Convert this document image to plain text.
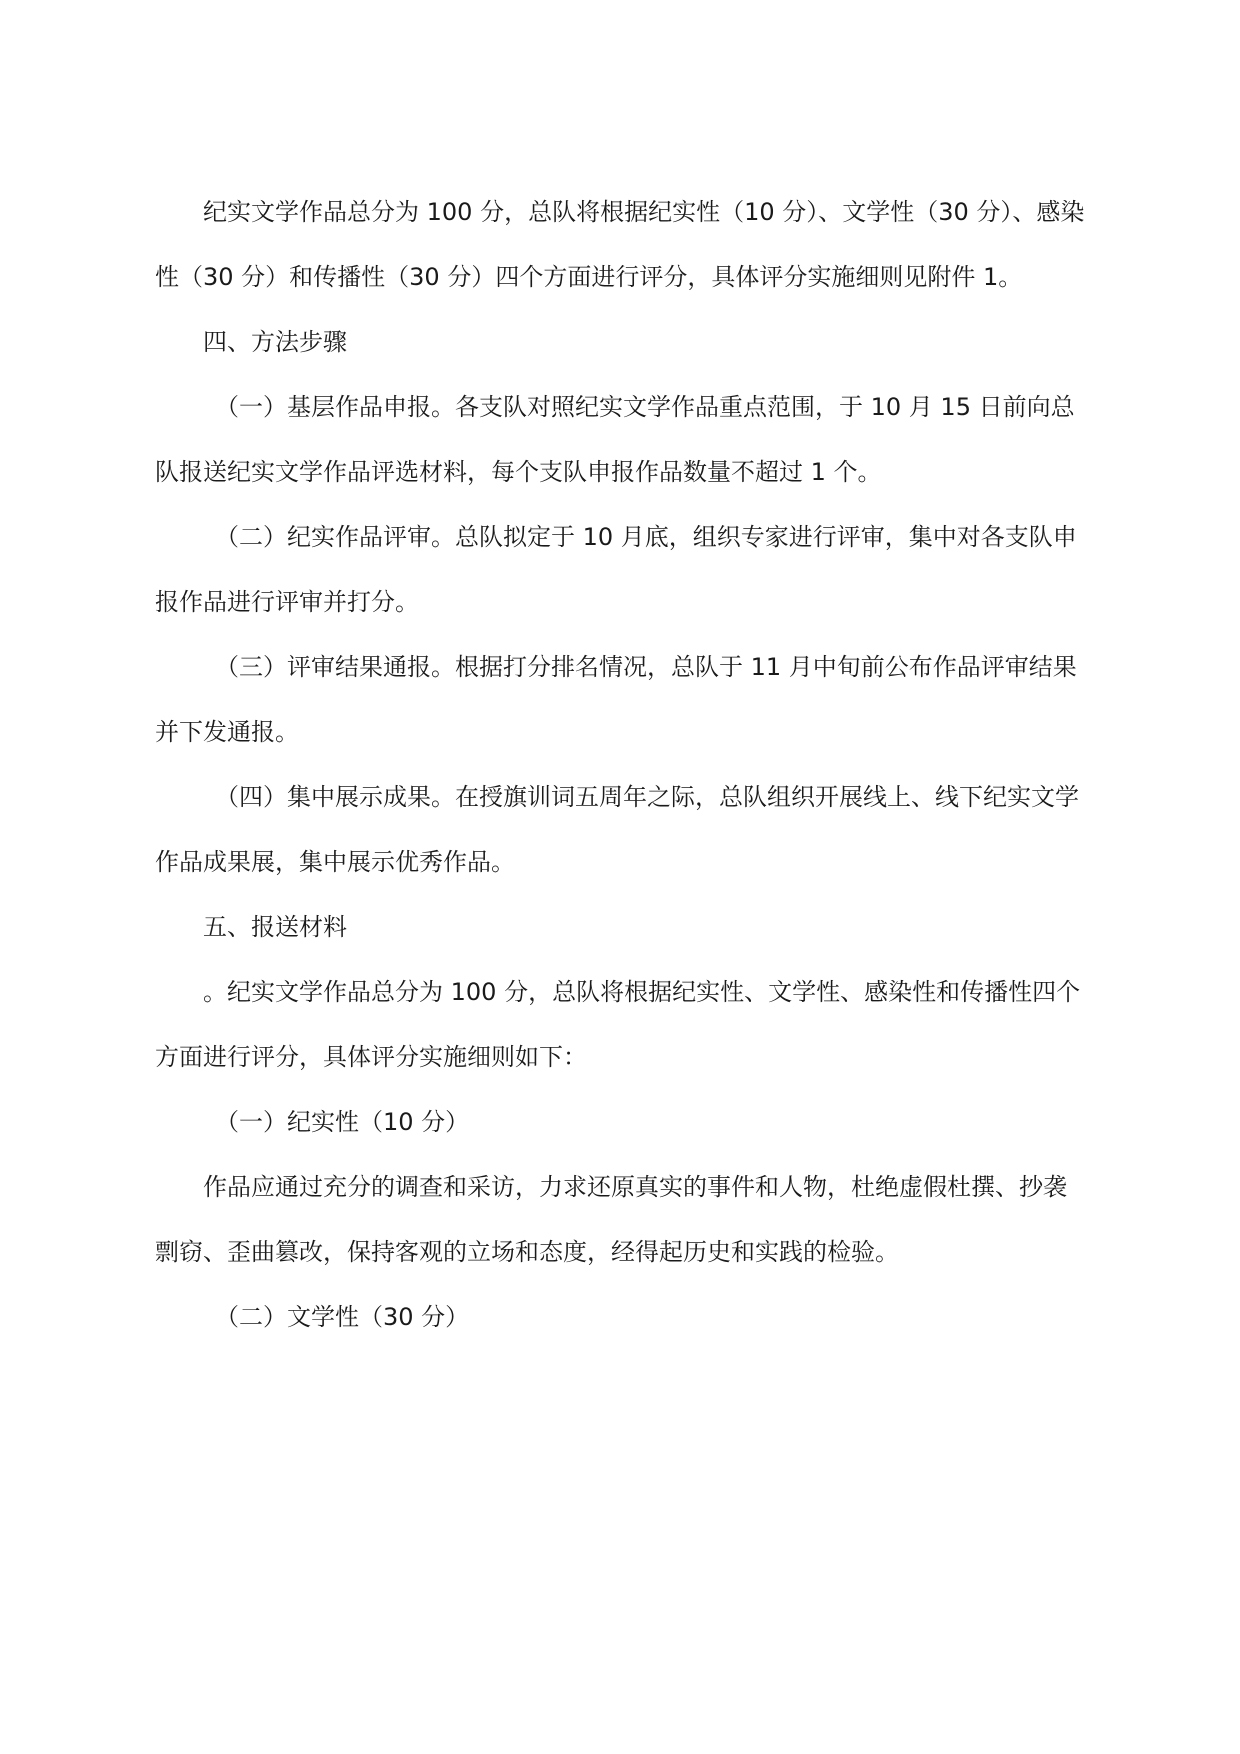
纪实文学作品总分为 100 分，总队将根据纪实性（10 分）、文学性（30 分）、感染性（30 分）和传播性（30 分）四个方面进行评分，具体评分实施细则见附件 1。

四、方法步骤

（一）基层作品申报。各支队对照纪实文学作品重点范围，于 10 月 15 日前向总队报送纪实文学作品评选材料，每个支队申报作品数量不超过 1 个。

（二）纪实作品评审。总队拟定于 10 月底，组织专家进行评审，集中对各支队申报作品进行评审并打分。

（三）评审结果通报。根据打分排名情况，总队于 11 月中旬前公布作品评审结果并下发通报。

（四）集中展示成果。在授旗训词五周年之际，总队组织开展线上、线下纪实文学作品成果展，集中展示优秀作品。

五、报送材料

。纪实文学作品总分为 100 分，总队将根据纪实性、文学性、感染性和传播性四个方面进行评分，具体评分实施细则如下：

（一）纪实性（10 分）

作品应通过充分的调查和采访，力求还原真实的事件和人物，杜绝虚假杜撰、抄袭剽窃、歪曲篡改，保持客观的立场和态度，经得起历史和实践的检验。

（二）文学性（30 分）
